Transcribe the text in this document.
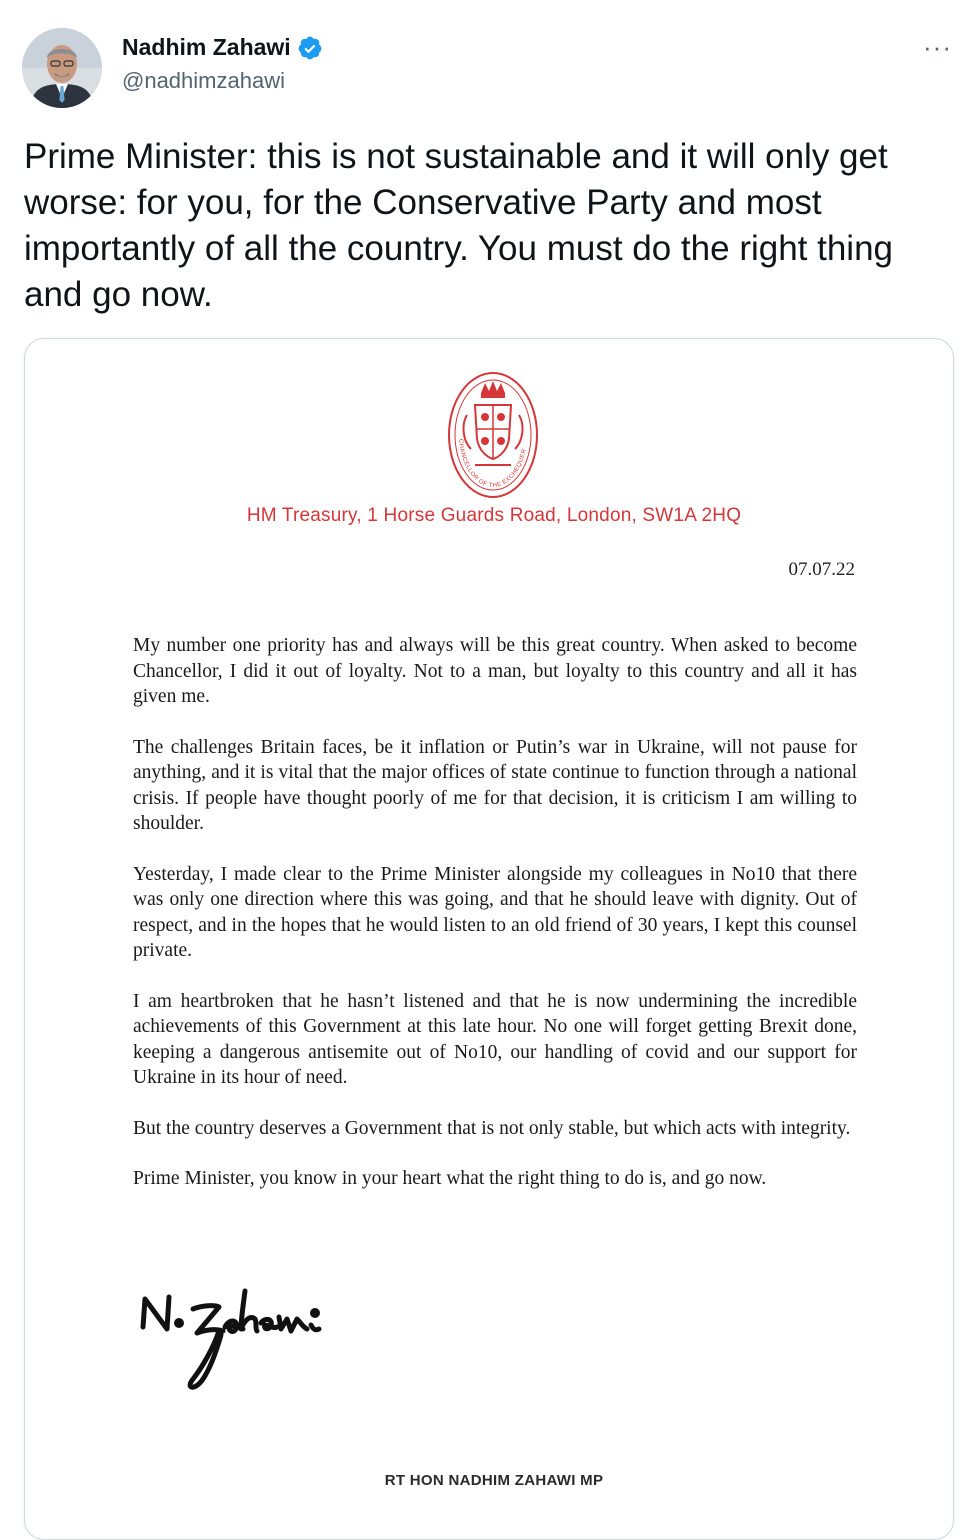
Nadhim Zahawi
@nadhimzahawi
···

Prime Minister: this is not sustainable and it will only get worse: for you, for the Conservative Party and most importantly of all the country. You must do the right thing and go now.

CHANCELLOR OF THE EXCHEQUER
HM Treasury, 1 Horse Guards Road, London, SW1A 2HQ
07.07.22

My number one priority has and always will be this great country. When asked to become Chancellor, I did it out of loyalty. Not to a man, but loyalty to this country and all it has given me.

The challenges Britain faces, be it inflation or Putin’s war in Ukraine, will not pause for anything, and it is vital that the major offices of state continue to function through a national crisis. If people have thought poorly of me for that decision, it is criticism I am willing to shoulder.

Yesterday, I made clear to the Prime Minister alongside my colleagues in No10 that there was only one direction where this was going, and that he should leave with dignity. Out of respect, and in the hopes that he would listen to an old friend of 30 years, I kept this counsel private.

I am heartbroken that he hasn’t listened and that he is now undermining the incredible achievements of this Government at this late hour. No one will forget getting Brexit done, keeping a dangerous antisemite out of No10, our handling of covid and our support for Ukraine in its hour of need.

But the country deserves a Government that is not only stable, but which acts with integrity.

Prime Minister, you know in your heart what the right thing to do is, and go now.

RT HON NADHIM ZAHAWI MP
